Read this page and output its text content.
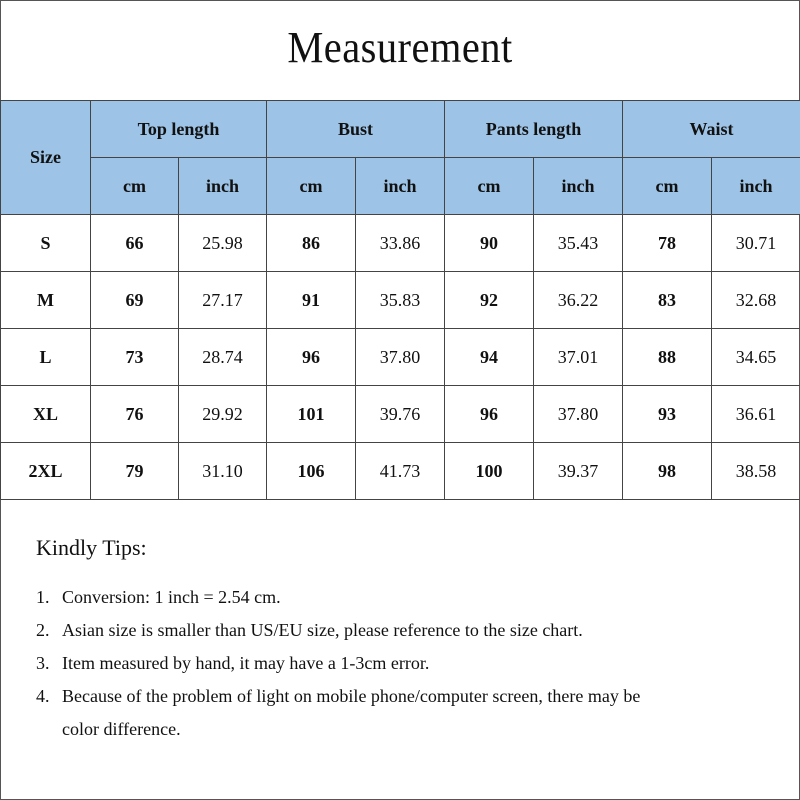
Measurement
Size	Top length		Bust		Pants length		Waist	
	cm	inch	cm	inch	cm	inch	cm	inch
S	66	25.98	86	33.86	90	35.43	78	30.71
M	69	27.17	91	35.83	92	36.22	83	32.68
L	73	28.74	96	37.80	94	37.01	88	34.65
XL	76	29.92	101	39.76	96	37.80	93	36.61
2XL	79	31.10	106	41.73	100	39.37	98	38.58
Kindly Tips:
1. Conversion: 1 inch = 2.54 cm.
2. Asian size is smaller than US/EU size, please reference to the size chart.
3. Item measured by hand, it may have a 1-3cm error.
4. Because of the problem of light on mobile phone/computer screen, there may be color difference.
